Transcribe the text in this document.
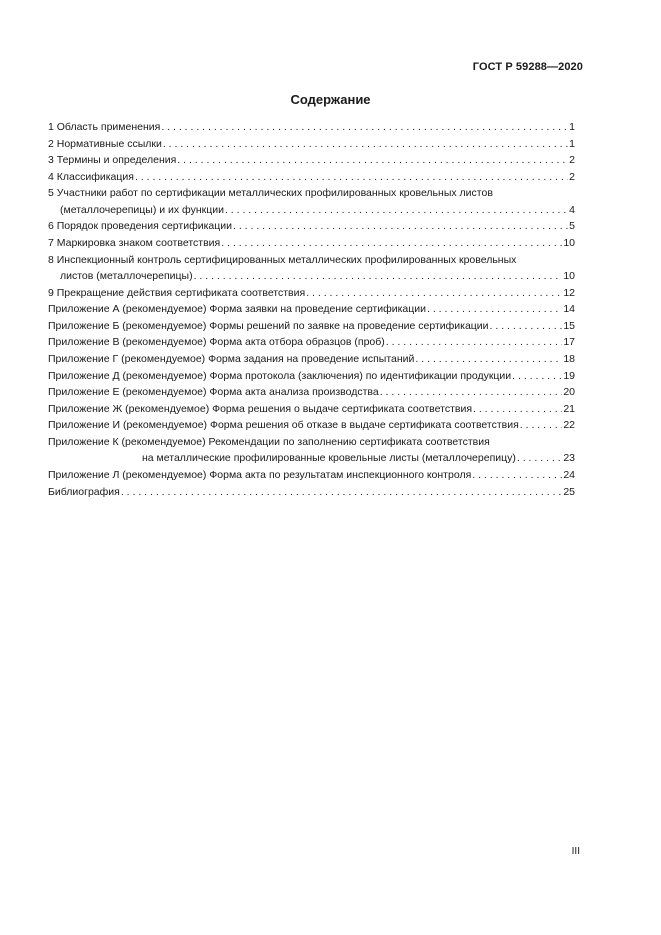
ГОСТ Р 59288—2020
Содержание
1 Область применения . . .	1
2 Нормативные ссылки . . .	1
3 Термины и определения . . .	2
4 Классификация . . .	2
5 Участники работ по сертификации металлических профилированных кровельных листов
(металлочерепицы) и их функции . . .	4
6 Порядок проведения сертификации . . .	5
7 Маркировка знаком соответствия . . .	10
8 Инспекционный контроль сертифицированных металлических профилированных кровельных
листов (металлочерепицы) . . .	10
9 Прекращение действия сертификата соответствия . . .	12
Приложение А (рекомендуемое) Форма заявки на проведение сертификации . . .	14
Приложение Б (рекомендуемое) Формы решений по заявке на проведение сертификации . . .	15
Приложение В (рекомендуемое) Форма акта отбора образцов (проб) . . .	17
Приложение Г (рекомендуемое) Форма задания на проведение испытаний . . .	18
Приложение Д (рекомендуемое) Форма протокола (заключения) по идентификации продукции . . .	19
Приложение Е (рекомендуемое) Форма акта анализа производства . . .	20
Приложение Ж (рекомендуемое) Форма решения о выдаче сертификата соответствия . . .	21
Приложение И (рекомендуемое) Форма решения об отказе в выдаче сертификата соответствия . . .	22
Приложение К (рекомендуемое) Рекомендации по заполнению сертификата соответствия
на металлические профилированные кровельные листы (металлочерепицу) . . .	23
Приложение Л (рекомендуемое) Форма акта по результатам инспекционного контроля . . .	24
Библиография . . .	25
III
